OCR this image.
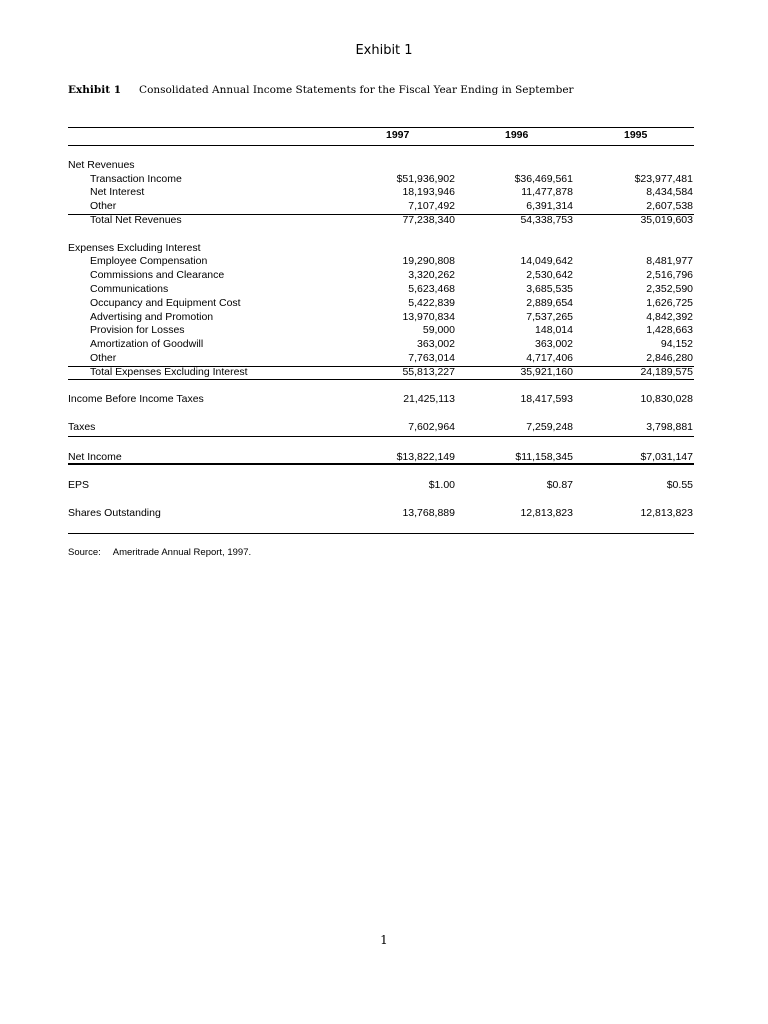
Exhibit 1
Exhibit 1 Consolidated Annual Income Statements for the Fiscal Year Ending in September
1997	1996	1995
Net Revenues
Transaction Income	$51,936,902	$36,469,561	$23,977,481
Net Interest	18,193,946	11,477,878	8,434,584
Other	7,107,492	6,391,314	2,607,538
Total Net Revenues	77,238,340	54,338,753	35,019,603
Expenses Excluding Interest
Employee Compensation	19,290,808	14,049,642	8,481,977
Commissions and Clearance	3,320,262	2,530,642	2,516,796
Communications	5,623,468	3,685,535	2,352,590
Occupancy and Equipment Cost	5,422,839	2,889,654	1,626,725
Advertising and Promotion	13,970,834	7,537,265	4,842,392
Provision for Losses	59,000	148,014	1,428,663
Amortization of Goodwill	363,002	363,002	94,152
Other	7,763,014	4,717,406	2,846,280
Total Expenses Excluding Interest	55,813,227	35,921,160	24,189,575
Income Before Income Taxes	21,425,113	18,417,593	10,830,028
Taxes	7,602,964	7,259,248	3,798,881
Net Income	$13,822,149	$11,158,345	$7,031,147
EPS	$1.00	$0.87	$0.55
Shares Outstanding	13,768,889	12,813,823	12,813,823
Source: Ameritrade Annual Report, 1997.
1
